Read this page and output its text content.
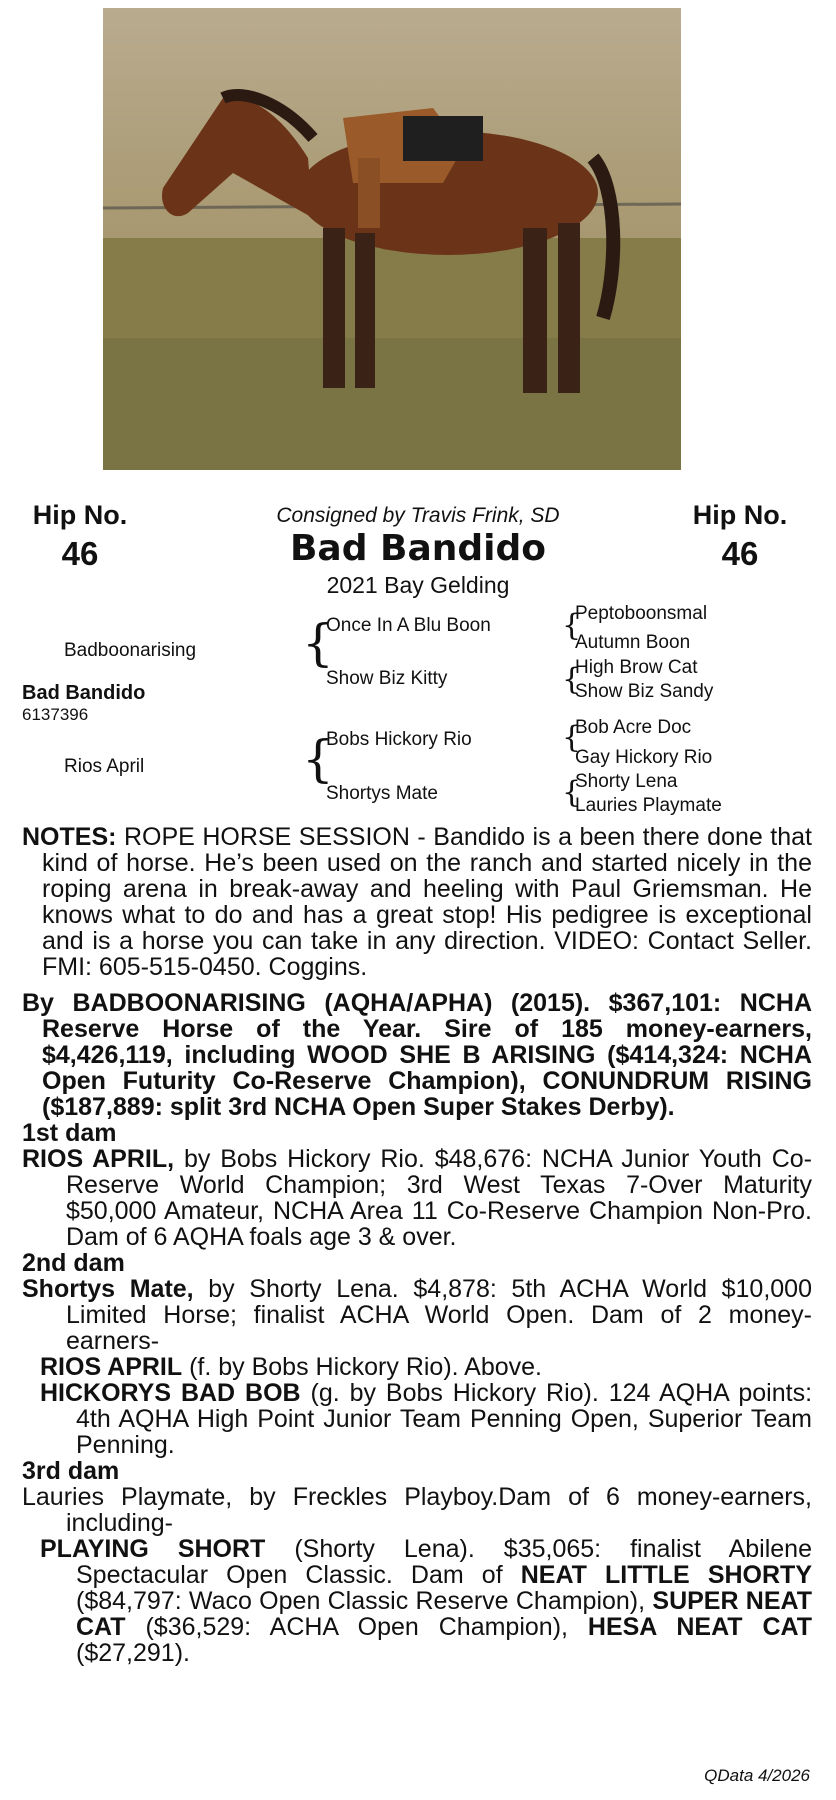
Hip No.
46
Hip No.
46
Consigned by Travis Frink, SD
Bad Bandido
2021 Bay Gelding
Badboonarising
Bad Bandido
6137396
Rios April
{
Once In A Blu Boon
Show Biz Kitty
{
Bobs Hickory Rio
Shortys Mate
{
Peptoboonsmal
Autumn Boon
{
High Brow Cat
Show Biz Sandy
{
Bob Acre Doc
Gay Hickory Rio
{
Shorty Lena
Lauries Playmate

NOTES: ROPE HORSE SESSION - Bandido is a been there done that kind of horse. He’s been used on the ranch and started nicely in the roping arena in break-away and heeling with Paul Griemsman. He knows what to do and has a great stop! His pedigree is exceptional and is a horse you can take in any direction. VIDEO: Contact Seller. FMI: 605-515-0450. Coggins.

By BADBOONARISING (AQHA/APHA) (2015). $367,101: NCHA Reserve Horse of the Year. Sire of 185 money-earners, $4,426,119, including WOOD SHE B ARISING ($414,324: NCHA Open Futurity Co-Reserve Champion), CONUNDRUM RISING ($187,889: split 3rd NCHA Open Super Stakes Derby).

1st dam

RIOS APRIL, by Bobs Hickory Rio. $48,676: NCHA Junior Youth Co-Reserve World Champion; 3rd West Texas 7-Over Maturity $50,000 Amateur, NCHA Area 11 Co-Reserve Champion Non-Pro. Dam of 6 AQHA foals age 3 & over.

2nd dam

Shortys Mate, by Shorty Lena. $4,878: 5th ACHA World $10,000 Limited Horse; finalist ACHA World Open. Dam of 2 money-earners-

RIOS APRIL (f. by Bobs Hickory Rio). Above.

HICKORYS BAD BOB (g. by Bobs Hickory Rio). 124 AQHA points: 4th AQHA High Point Junior Team Penning Open, Superior Team Penning.

3rd dam

Lauries Playmate, by Freckles Playboy.Dam of 6 money-earners, including-

PLAYING SHORT (Shorty Lena). $35,065: finalist Abilene Spectacular Open Classic. Dam of NEAT LITTLE SHORTY ($84,797: Waco Open Classic Reserve Champion), SUPER NEAT CAT ($36,529: ACHA Open Champion), HESA NEAT CAT ($27,291).

QData 4/2026
